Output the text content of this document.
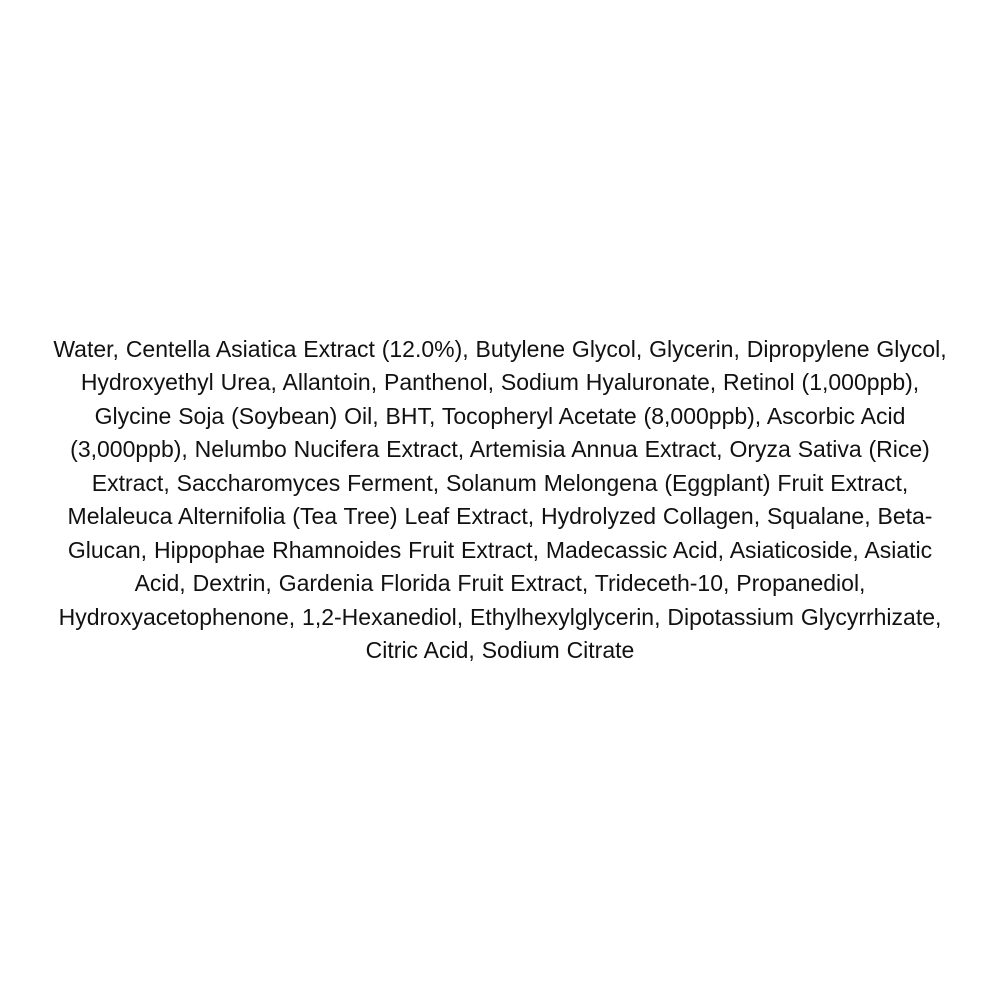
Water, Centella Asiatica Extract (12.0%), Butylene Glycol, Glycerin, Dipropylene Glycol, Hydroxyethyl Urea, Allantoin, Panthenol, Sodium Hyaluronate, Retinol (1,000ppb), Glycine Soja (Soybean) Oil, BHT, Tocopheryl Acetate (8,000ppb), Ascorbic Acid (3,000ppb), Nelumbo Nucifera Extract, Artemisia Annua Extract, Oryza Sativa (Rice) Extract, Saccharomyces Ferment, Solanum Melongena (Eggplant) Fruit Extract, Melaleuca Alternifolia (Tea Tree) Leaf Extract, Hydrolyzed Collagen, Squalane, Beta-Glucan, Hippophae Rhamnoides Fruit Extract, Madecassic Acid, Asiaticoside, Asiatic Acid, Dextrin, Gardenia Florida Fruit Extract, Trideceth-10, Propanediol, Hydroxyacetophenone, 1,2-Hexanediol, Ethylhexylglycerin, Dipotassium Glycyrrhizate, Citric Acid, Sodium Citrate
